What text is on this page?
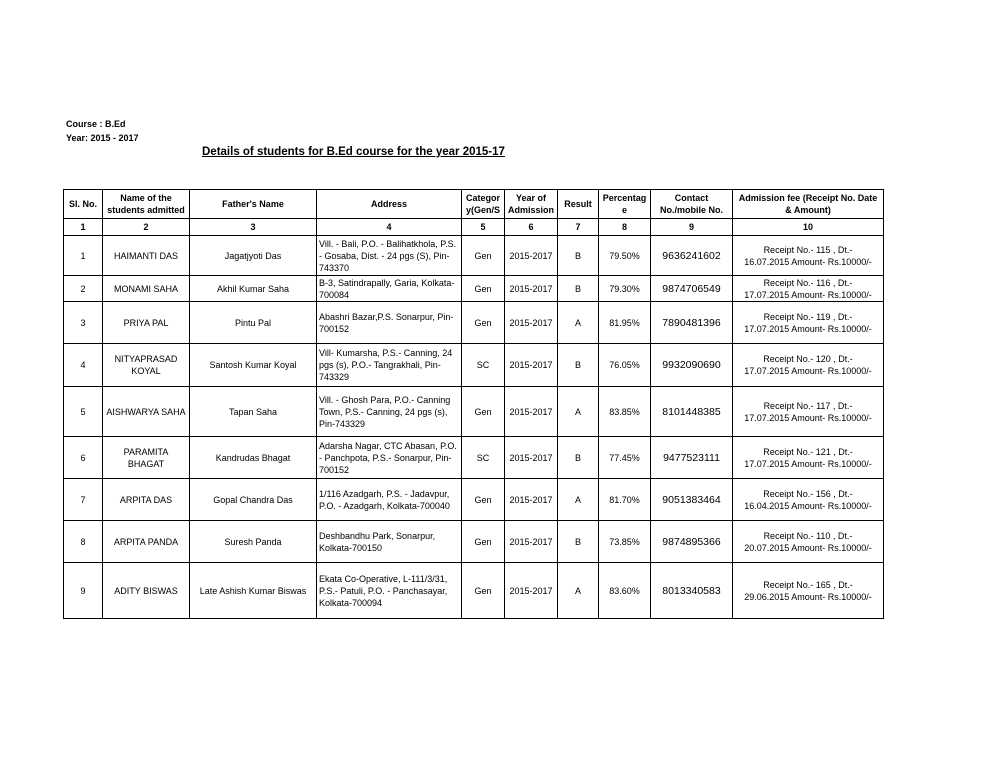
Course : B.Ed
Year: 2015 - 2017
Details of students for B.Ed course for the year 2015-17
Sl. No.	Name of the students admitted	Father's Name	Address	Categor y(Gen/S	Year of Admission	Result	Percentag e	Contact No./mobile No.	Admission fee (Receipt No. Date & Amount)
1	2	3	4	5	6	7	8	9	10
1	HAIMANTI DAS	Jagatjyoti Das	Vill. - Bali, P.O. - Balihatkhola, P.S. - Gosaba, Dist. - 24 pgs (S), Pin-743370	Gen	2015-2017	B	79.50%	9636241602	Receipt No.- 115 , Dt.-
16.07.2015 Amount- Rs.10000/-

2	MONAMI SAHA	Akhil Kumar Saha	B-3, Satindrapally, Garia, Kolkata-700084	Gen	2015-2017	B	79.30%	9874706549	Receipt No.- 116 , Dt.-
17.07.2015 Amount- Rs.10000/-

3	PRIYA PAL	Pintu Pal	Abashri Bazar,P.S. Sonarpur, Pin-700152	Gen	2015-2017	A	81.95%	7890481396	Receipt No.- 119 , Dt.-
17.07.2015 Amount- Rs.10000/-

4	NITYAPRASAD KOYAL	Santosh Kumar Koyal	Vill- Kumarsha, P.S.- Canning, 24 pgs (s), P.O.- Tangrakhali, Pin-743329	SC	2015-2017	B	76.05%	9932090690	Receipt No.- 120 , Dt.-
17.07.2015 Amount- Rs.10000/-

5	AISHWARYA SAHA	Tapan Saha	Vill. - Ghosh Para, P.O.- Canning Town, P.S.- Canning, 24 pgs (s), Pin-743329	Gen	2015-2017	A	83.85%	8101448385	Receipt No.- 117 , Dt.-
17.07.2015 Amount- Rs.10000/-

6	PARAMITA BHAGAT	Kandrudas Bhagat	Adarsha Nagar, CTC Abasan, P.O. - Panchpota, P.S.- Sonarpur, Pin-700152	SC	2015-2017	B	77.45%	9477523111	Receipt No.- 121 , Dt.-
17.07.2015 Amount- Rs.10000/-

7	ARPITA DAS	Gopal Chandra Das	1/116 Azadgarh, P.S. - Jadavpur, P.O. - Azadgarh, Kolkata-700040	Gen	2015-2017	A	81.70%	9051383464	Receipt No.- 156 , Dt.-
16.04.2015 Amount- Rs.10000/-

8	ARPITA PANDA	Suresh Panda	Deshbandhu Park, Sonarpur, Kolkata-700150	Gen	2015-2017	B	73.85%	9874895366	Receipt No.- 110 , Dt.-
20.07.2015 Amount- Rs.10000/-

9	ADITY BISWAS	Late Ashish Kumar Biswas	Ekata Co-Operative, L-111/3/31, P.S.- Patuli, P.O. - Panchasayar, Kolkata-700094	Gen	2015-2017	A	83.60%	8013340583	Receipt No.- 165 , Dt.-
29.06.2015 Amount- Rs.10000/-
